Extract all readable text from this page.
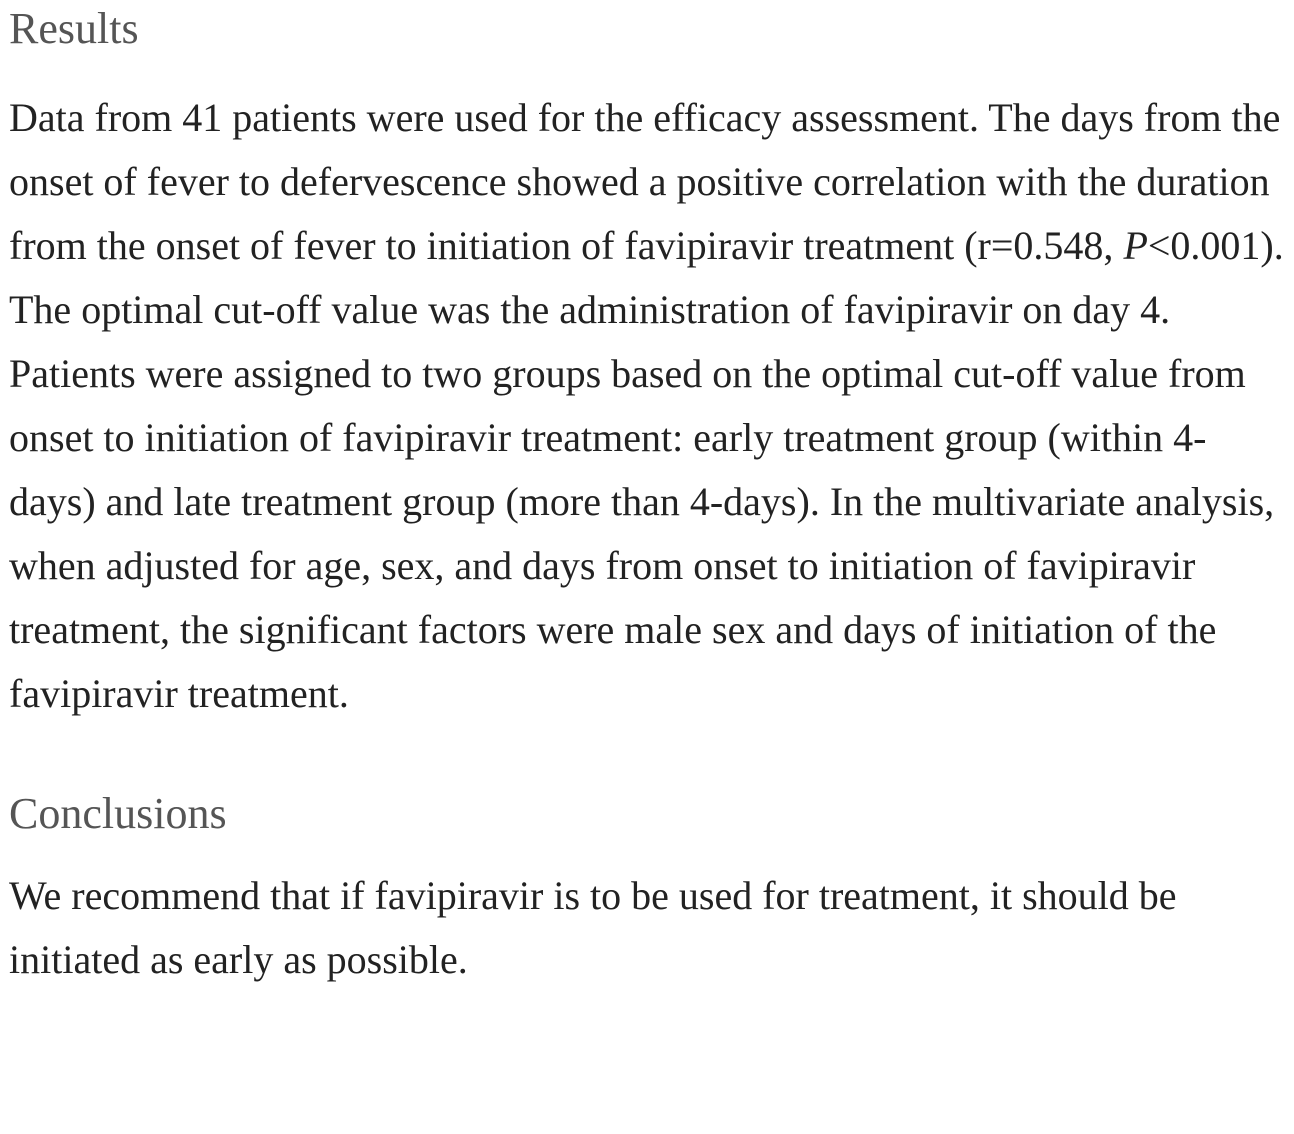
Results

Data from 41 patients were used for the efficacy assessment. The days from the onset of fever to defervescence showed a positive correlation with the duration from the onset of fever to initiation of favipiravir treatment (r=0.548, P<0.001). The optimal cut-off value was the administration of favipiravir on day 4. Patients were assigned to two groups based on the optimal cut-off value from onset to initiation of favipiravir treatment: early treatment group (within 4-days) and late treatment group (more than 4-days). In the multivariate analysis, when adjusted for age, sex, and days from onset to initiation of favipiravir treatment, the significant factors were male sex and days of initiation of the favipiravir treatment.

Conclusions

We recommend that if favipiravir is to be used for treatment, it should be initiated as early as possible.
